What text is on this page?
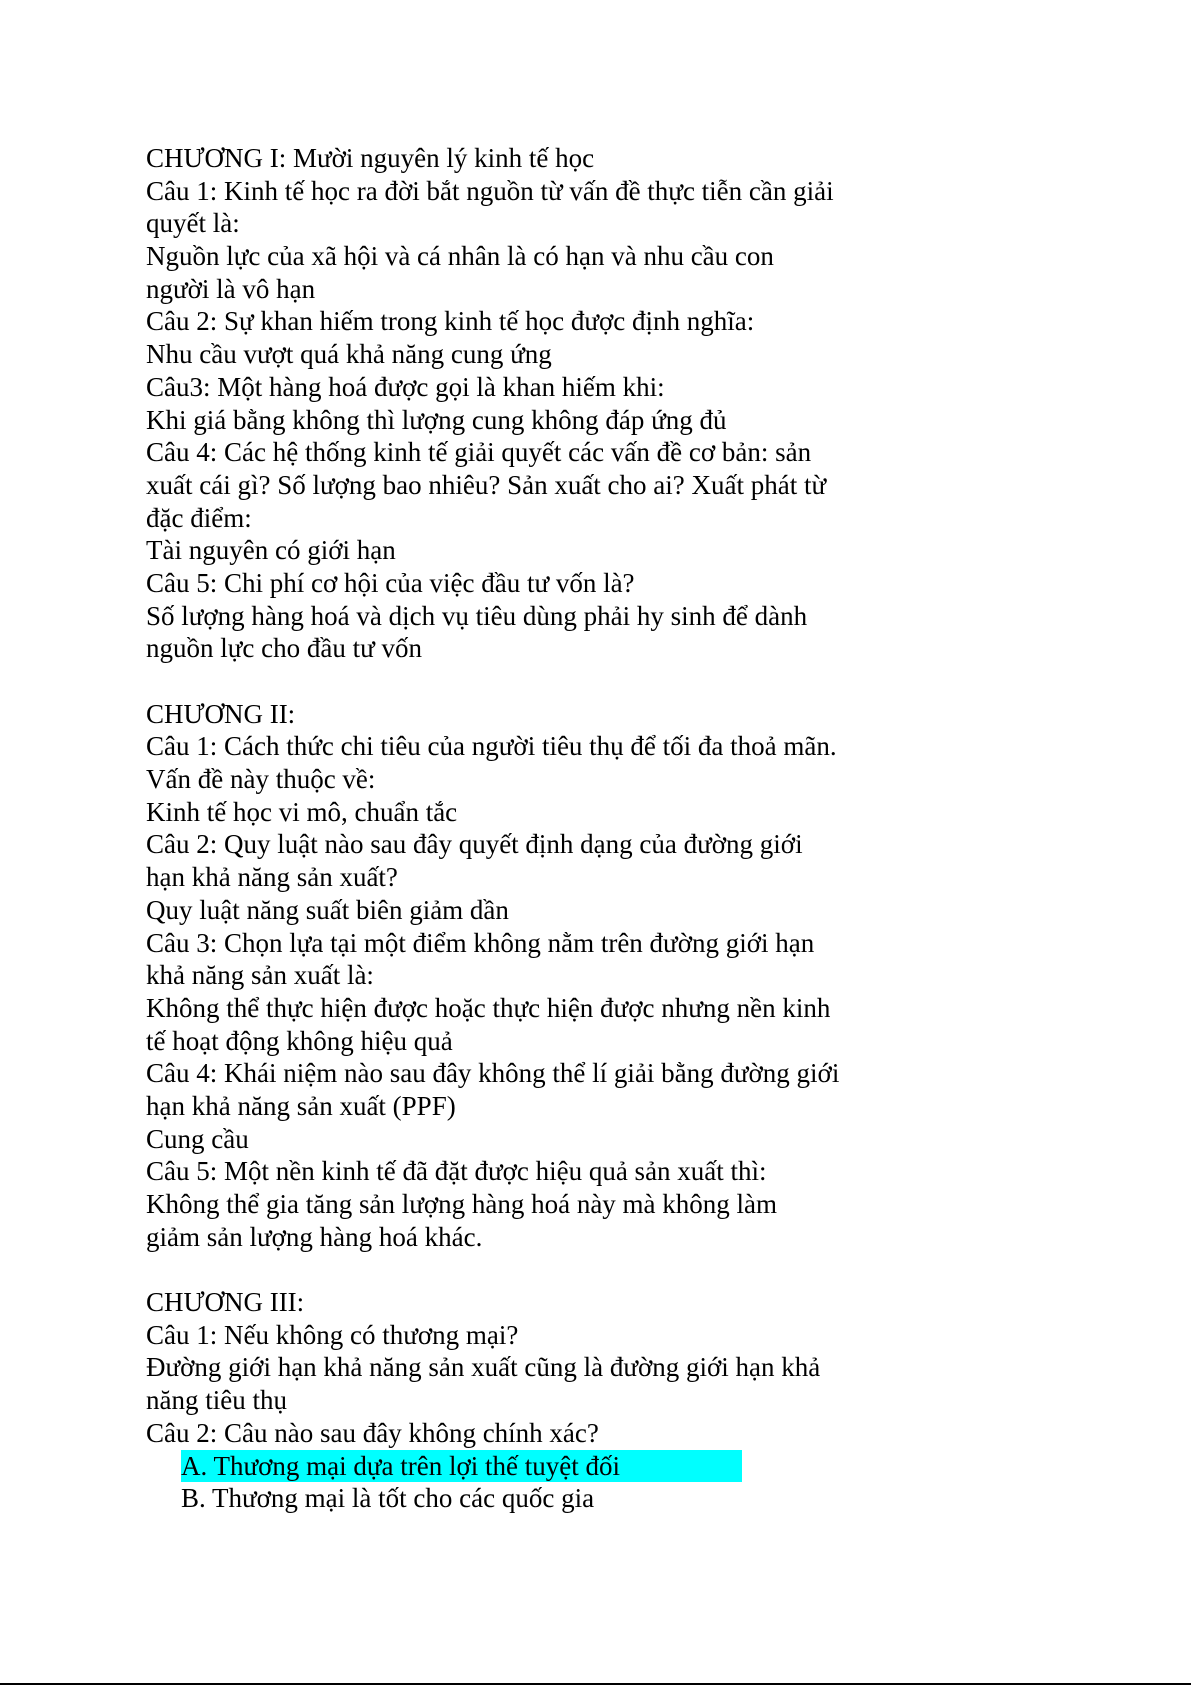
CHƯƠNG I: Mười nguyên lý kinh tế học
Câu 1: Kinh tế học ra đời bắt nguồn từ vấn đề thực tiễn cần giải
quyết là:
Nguồn lực của xã hội và cá nhân là có hạn và nhu cầu con
người là vô hạn
Câu 2: Sự khan hiếm trong kinh tế học được định nghĩa:
Nhu cầu vượt quá khả năng cung ứng
Câu3: Một hàng hoá được gọi là khan hiếm khi:
Khi giá bằng không thì lượng cung không đáp ứng đủ
Câu 4: Các hệ thống kinh tế giải quyết các vấn đề cơ bản: sản
xuất cái gì? Số lượng bao nhiêu? Sản xuất cho ai? Xuất phát từ
đặc điểm:
Tài nguyên có giới hạn
Câu 5: Chi phí cơ hội của việc đầu tư vốn là?
Số lượng hàng hoá và dịch vụ tiêu dùng phải hy sinh để dành
nguồn lực cho đầu tư vốn
CHƯƠNG II:
Câu 1: Cách thức chi tiêu của người tiêu thụ để tối đa thoả mãn.
Vấn đề này thuộc về:
Kinh tế học vi mô, chuẩn tắc
Câu 2: Quy luật nào sau đây quyết định dạng của đường giới
hạn khả năng sản xuất?
Quy luật năng suất biên giảm dần
Câu 3: Chọn lựa tại một điểm không nằm trên đường giới hạn
khả năng sản xuất là:
Không thể thực hiện được hoặc thực hiện được nhưng nền kinh
tế hoạt động không hiệu quả
Câu 4: Khái niệm nào sau đây không thể lí giải bằng đường giới
hạn khả năng sản xuất (PPF)
Cung cầu
Câu 5: Một nền kinh tế đã đặt được hiệu quả sản xuất thì:
Không thể gia tăng sản lượng hàng hoá này mà không làm
giảm sản lượng hàng hoá khác.
CHƯƠNG III:
Câu 1: Nếu không có thương mại?
Đường giới hạn khả năng sản xuất cũng là đường giới hạn khả
năng tiêu thụ
Câu 2: Câu nào sau đây không chính xác?
A. Thương mại dựa trên lợi thế tuyệt đối
B. Thương mại là tốt cho các quốc gia
